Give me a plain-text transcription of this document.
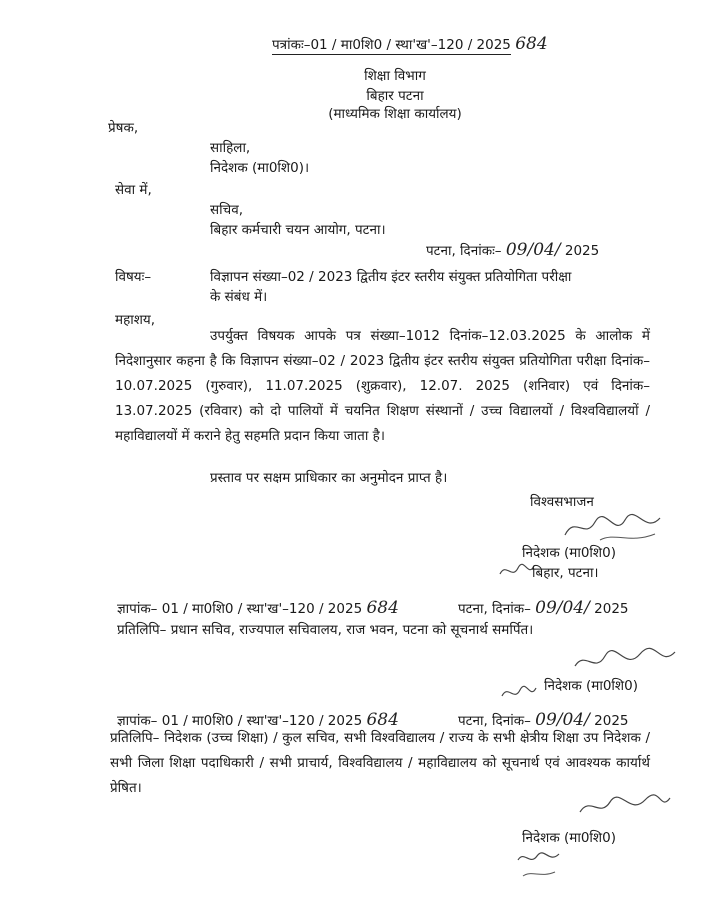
पत्रांकः–01 / मा0शि0 / स्था'ख'–120 / 2025 684
शिक्षा विभाग
बिहार पटना
(माध्यमिक शिक्षा कार्यालय)
प्रेषक,
साहिला,
निदेशक (मा0शि0)।
सेवा में,
सचिव,
बिहार कर्मचारी चयन आयोग, पटना।
पटना, दिनांकः– 09/04/ 2025
विषयः–	विज्ञापन संख्या–02 / 2023 द्वितीय इंटर स्तरीय संयुक्त प्रतियोगिता परीक्षा
के संबंध में।
महाशय,
उपर्युक्त विषयक आपके पत्र संख्या–1012 दिनांक–12.03.2025 के आलोक में निदेशानुसार कहना है कि विज्ञापन संख्या–02 / 2023 द्वितीय इंटर स्तरीय संयुक्त प्रतियोगिता परीक्षा दिनांक–10.07.2025 (गुरुवार), 11.07.2025 (शुक्रवार), 12.07. 2025 (शनिवार) एवं दिनांक–13.07.2025 (रविवार) को दो पालियों में चयनित शिक्षण संस्थानों / उच्च विद्यालयों / विश्वविद्यालयों / महाविद्यालयों में कराने हेतु सहमति प्रदान किया जाता है।
प्रस्ताव पर सक्षम प्राधिकार का अनुमोदन प्राप्त है।
विश्वसभाजन
निदेशक (मा0शि0)
बिहार, पटना।
ज्ञापांक– 01 / मा0शि0 / स्था'ख'–120 / 2025 684	पटना, दिनांक– 09/04/ 2025
प्रतिलिपि– प्रधान सचिव, राज्यपाल सचिवालय, राज भवन, पटना को सूचनार्थ समर्पित।
निदेशक (मा0शि0)
ज्ञापांक– 01 / मा0शि0 / स्था'ख'–120 / 2025 684	पटना, दिनांक– 09/04/ 2025
प्रतिलिपि– निदेशक (उच्च शिक्षा) / कुल सचिव, सभी विश्वविद्यालय / राज्य के सभी क्षेत्रीय शिक्षा उप निदेशक / सभी जिला शिक्षा पदाधिकारी / सभी प्राचार्य, विश्वविद्यालय / महाविद्यालय को सूचनार्थ एवं आवश्यक कार्यार्थ प्रेषित।
निदेशक (मा0शि0)
